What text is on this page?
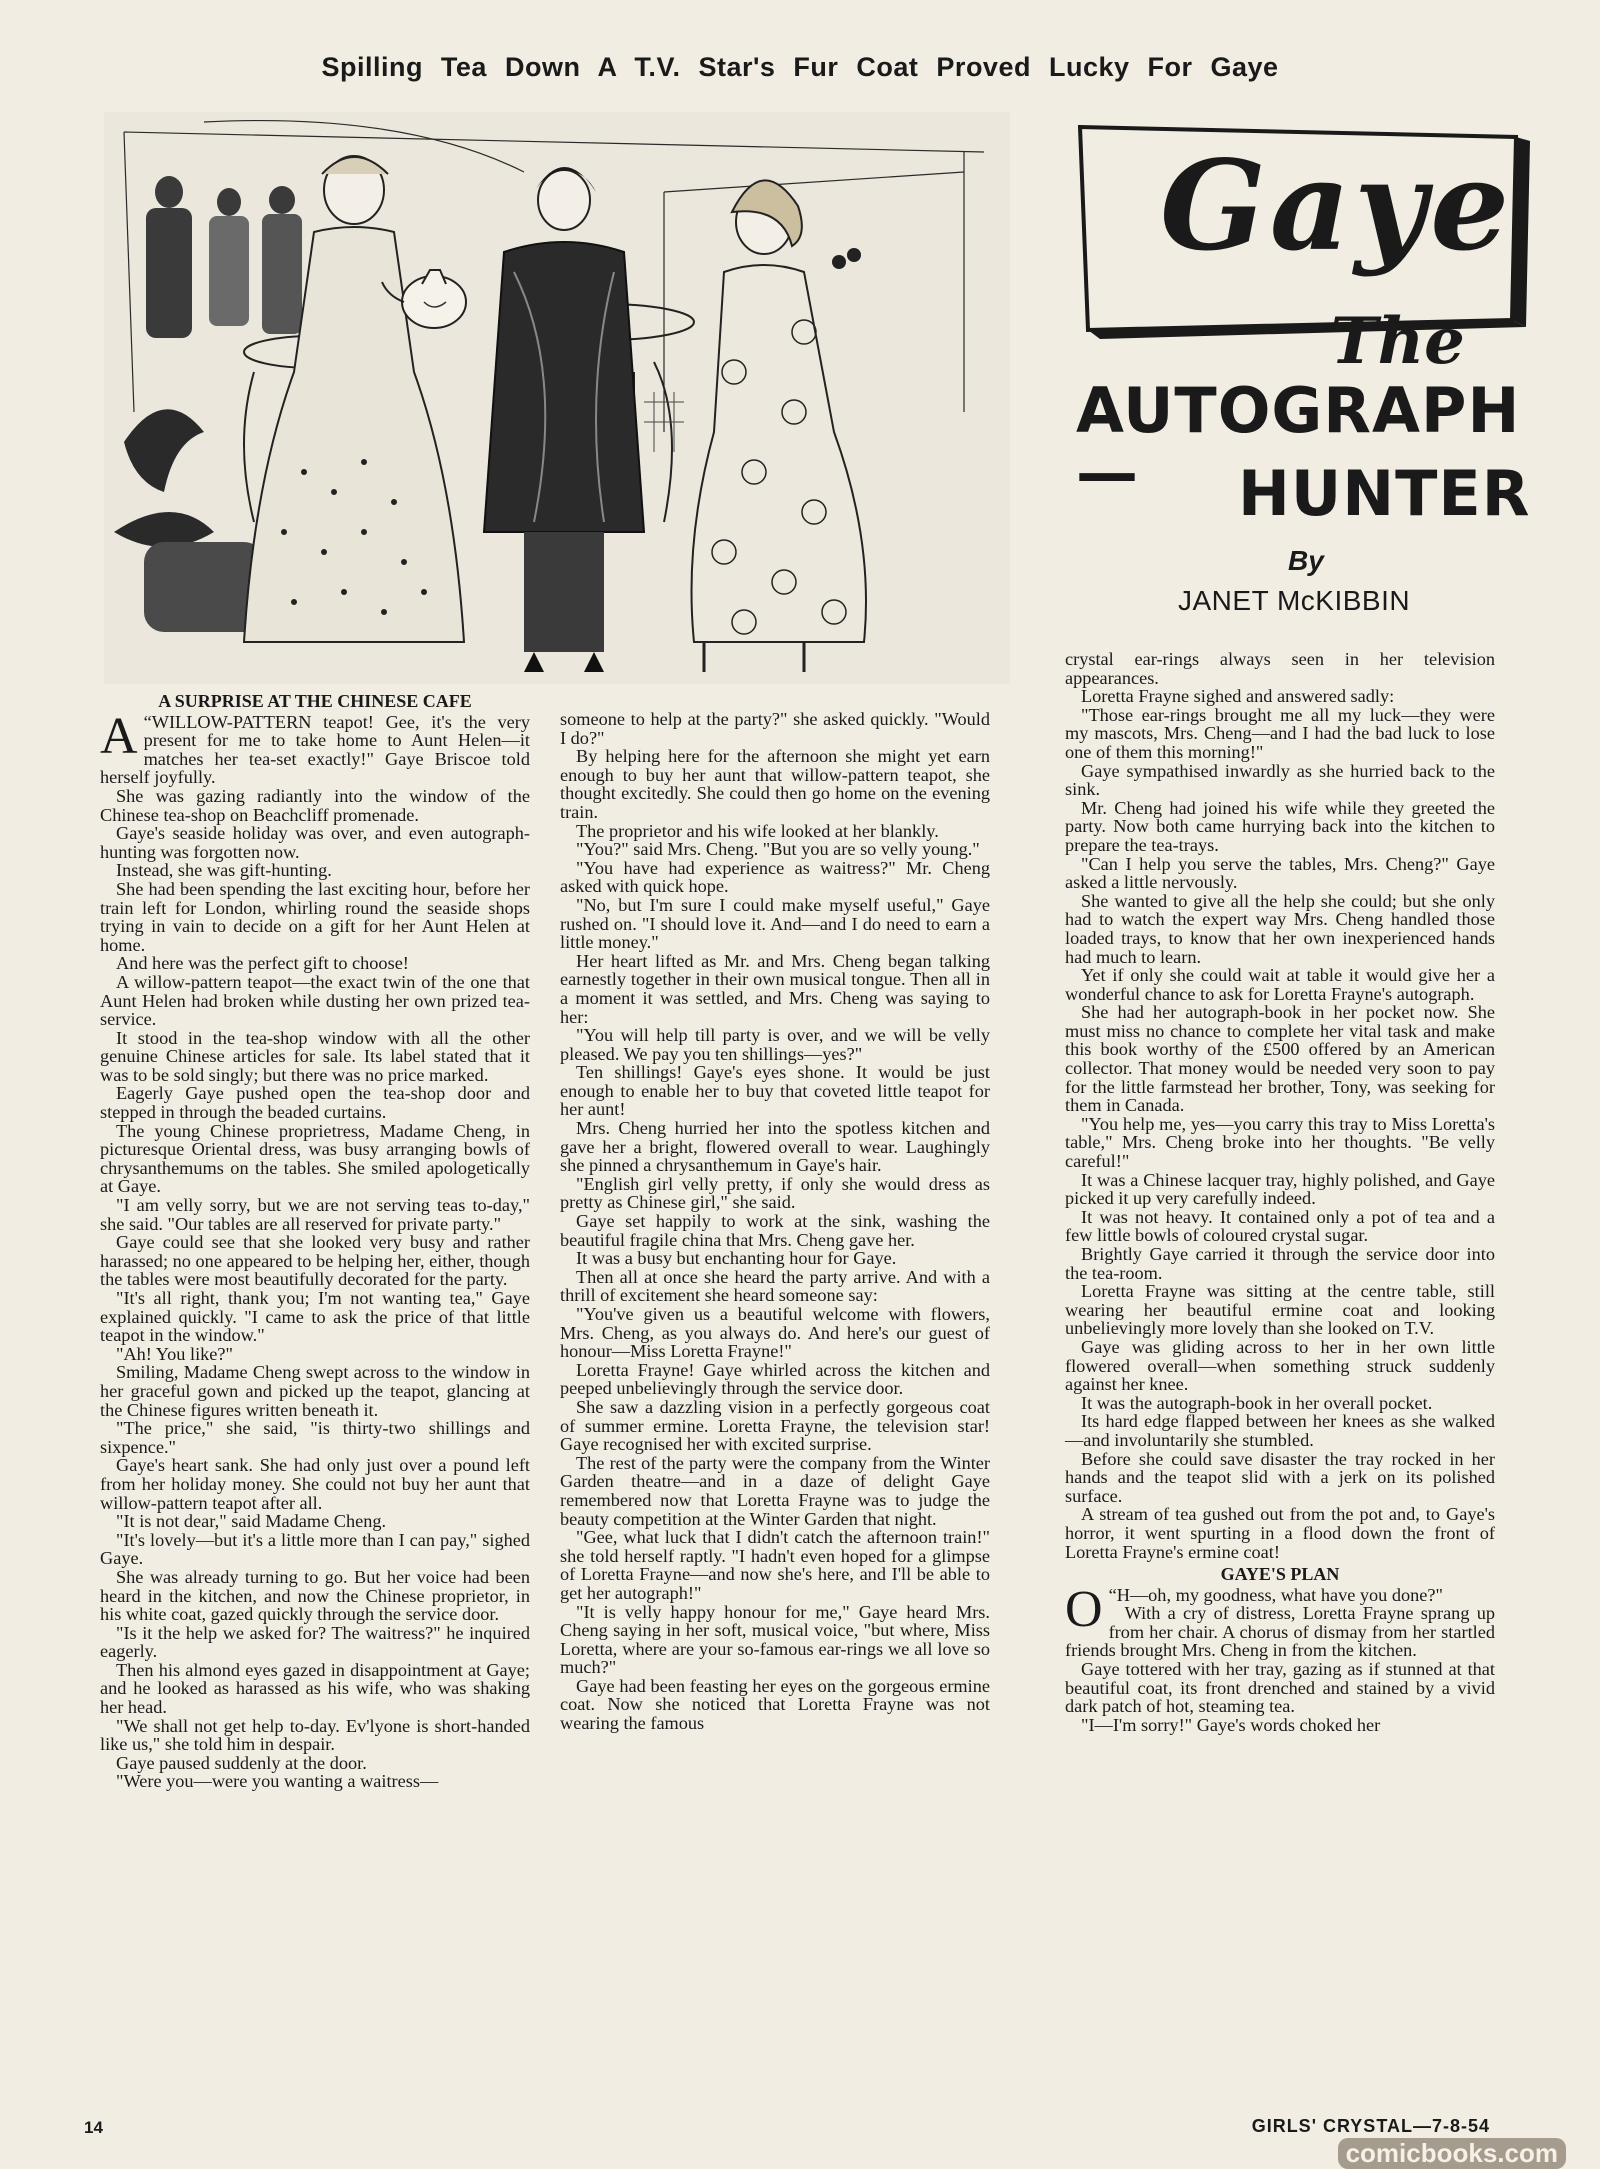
Spilling Tea Down A T.V. Star's Fur Coat Proved Lucky For Gaye
Gaye
The
AUTOGRAPH —	HUNTER
By
JANET McKIBBIN
A SURPRISE AT THE CHINESE CAFE

“
A WILLOW-PATTERN teapot! Gee, it's the very present for me to take home to Aunt Helen—it matches her tea-set exactly!" Gaye Briscoe told herself joyfully.

She was gazing radiantly into the window of the Chinese tea-shop on Beachcliff promenade.

Gaye's seaside holiday was over, and even autograph-hunting was forgotten now.

Instead, she was gift-hunting.

She had been spending the last exciting hour, before her train left for London, whirling round the seaside shops trying in vain to decide on a gift for her Aunt Helen at home.

And here was the perfect gift to choose!

A willow-pattern teapot—the exact twin of the one that Aunt Helen had broken while dusting her own prized tea-service.

It stood in the tea-shop window with all the other genuine Chinese articles for sale. Its label stated that it was to be sold singly; but there was no price marked.

Eagerly Gaye pushed open the tea-shop door and stepped in through the beaded curtains.

The young Chinese proprietress, Madame Cheng, in picturesque Oriental dress, was busy arranging bowls of chrysanthemums on the tables. She smiled apologetically at Gaye.

"I am velly sorry, but we are not serving teas to-day," she said. "Our tables are all reserved for private party."

Gaye could see that she looked very busy and rather harassed; no one appeared to be helping her, either, though the tables were most beautifully decorated for the party.

"It's all right, thank you; I'm not wanting tea," Gaye explained quickly. "I came to ask the price of that little teapot in the window."

"Ah! You like?"

Smiling, Madame Cheng swept across to the window in her graceful gown and picked up the teapot, glancing at the Chinese figures written beneath it.

"The price," she said, "is thirty-two shillings and sixpence."

Gaye's heart sank. She had only just over a pound left from her holiday money. She could not buy her aunt that willow-pattern teapot after all.

"It is not dear," said Madame Cheng.

"It's lovely—but it's a little more than I can pay," sighed Gaye.

She was already turning to go. But her voice had been heard in the kitchen, and now the Chinese proprietor, in his white coat, gazed quickly through the service door.

"Is it the help we asked for? The waitress?" he inquired eagerly.

Then his almond eyes gazed in disappointment at Gaye; and he looked as harassed as his wife, who was shaking her head.

"We shall not get help to-day. Ev'lyone is short-handed like us," she told him in despair.

Gaye paused suddenly at the door.

"Were you—were you wanting a waitress—

someone to help at the party?" she asked quickly. "Would I do?"

By helping here for the afternoon she might yet earn enough to buy her aunt that willow-pattern teapot, she thought excitedly. She could then go home on the evening train.

The proprietor and his wife looked at her blankly.

"You?" said Mrs. Cheng. "But you are so velly young."

"You have had experience as waitress?" Mr. Cheng asked with quick hope.

"No, but I'm sure I could make myself useful," Gaye rushed on. "I should love it. And—and I do need to earn a little money."

Her heart lifted as Mr. and Mrs. Cheng began talking earnestly together in their own musical tongue. Then all in a moment it was settled, and Mrs. Cheng was saying to her:

"You will help till party is over, and we will be velly pleased. We pay you ten shillings—yes?"

Ten shillings! Gaye's eyes shone. It would be just enough to enable her to buy that coveted little teapot for her aunt!

Mrs. Cheng hurried her into the spotless kitchen and gave her a bright, flowered overall to wear. Laughingly she pinned a chrysanthemum in Gaye's hair.

"English girl velly pretty, if only she would dress as pretty as Chinese girl," she said.

Gaye set happily to work at the sink, washing the beautiful fragile china that Mrs. Cheng gave her.

It was a busy but enchanting hour for Gaye.

Then all at once she heard the party arrive. And with a thrill of excitement she heard someone say:

"You've given us a beautiful welcome with flowers, Mrs. Cheng, as you always do. And here's our guest of honour—Miss Loretta Frayne!"

Loretta Frayne! Gaye whirled across the kitchen and peeped unbelievingly through the service door.

She saw a dazzling vision in a perfectly gorgeous coat of summer ermine. Loretta Frayne, the television star! Gaye recognised her with excited surprise.

The rest of the party were the company from the Winter Garden theatre—and in a daze of delight Gaye remembered now that Loretta Frayne was to judge the beauty competition at the Winter Garden that night.

"Gee, what luck that I didn't catch the afternoon train!" she told herself raptly. "I hadn't even hoped for a glimpse of Loretta Frayne—and now she's here, and I'll be able to get her autograph!"

"It is velly happy honour for me," Gaye heard Mrs. Cheng saying in her soft, musical voice, "but where, Miss Loretta, where are your so-famous ear-rings we all love so much?"

Gaye had been feasting her eyes on the gorgeous ermine coat. Now she noticed that Loretta Frayne was not wearing the famous

crystal ear-rings always seen in her television appearances.

Loretta Frayne sighed and answered sadly:

"Those ear-rings brought me all my luck—they were my mascots, Mrs. Cheng—and I had the bad luck to lose one of them this morning!"

Gaye sympathised inwardly as she hurried back to the sink.

Mr. Cheng had joined his wife while they greeted the party. Now both came hurrying back into the kitchen to prepare the tea-trays.

"Can I help you serve the tables, Mrs. Cheng?" Gaye asked a little nervously.

She wanted to give all the help she could; but she only had to watch the expert way Mrs. Cheng handled those loaded trays, to know that her own inexperienced hands had much to learn.

Yet if only she could wait at table it would give her a wonderful chance to ask for Loretta Frayne's autograph.

She had her autograph-book in her pocket now. She must miss no chance to complete her vital task and make this book worthy of the £500 offered by an American collector. That money would be needed very soon to pay for the little farmstead her brother, Tony, was seeking for them in Canada.

"You help me, yes—you carry this tray to Miss Loretta's table," Mrs. Cheng broke into her thoughts. "Be velly careful!"

It was a Chinese lacquer tray, highly polished, and Gaye picked it up very carefully indeed.

It was not heavy. It contained only a pot of tea and a few little bowls of coloured crystal sugar.

Brightly Gaye carried it through the service door into the tea-room.

Loretta Frayne was sitting at the centre table, still wearing her beautiful ermine coat and looking unbelievingly more lovely than she looked on T.V.

Gaye was gliding across to her in her own little flowered overall—when something struck suddenly against her knee.

It was the autograph-book in her overall pocket.

Its hard edge flapped between her knees as she walked—and involuntarily she stumbled.

Before she could save disaster the tray rocked in her hands and the teapot slid with a jerk on its polished surface.

A stream of tea gushed out from the pot and, to Gaye's horror, it went spurting in a flood down the front of Loretta Frayne's ermine coat!

GAYE'S PLAN

“
O H—oh, my goodness, what have you done?"

With a cry of distress, Loretta Frayne sprang up from her chair. A chorus of dismay from her startled friends brought Mrs. Cheng in from the kitchen.

Gaye tottered with her tray, gazing as if stunned at that beautiful coat, its front drenched and stained by a vivid dark patch of hot, steaming tea.

"I—I'm sorry!" Gaye's words choked her

14	GIRLS' CRYSTAL—7-8-54
comicbooks.com
